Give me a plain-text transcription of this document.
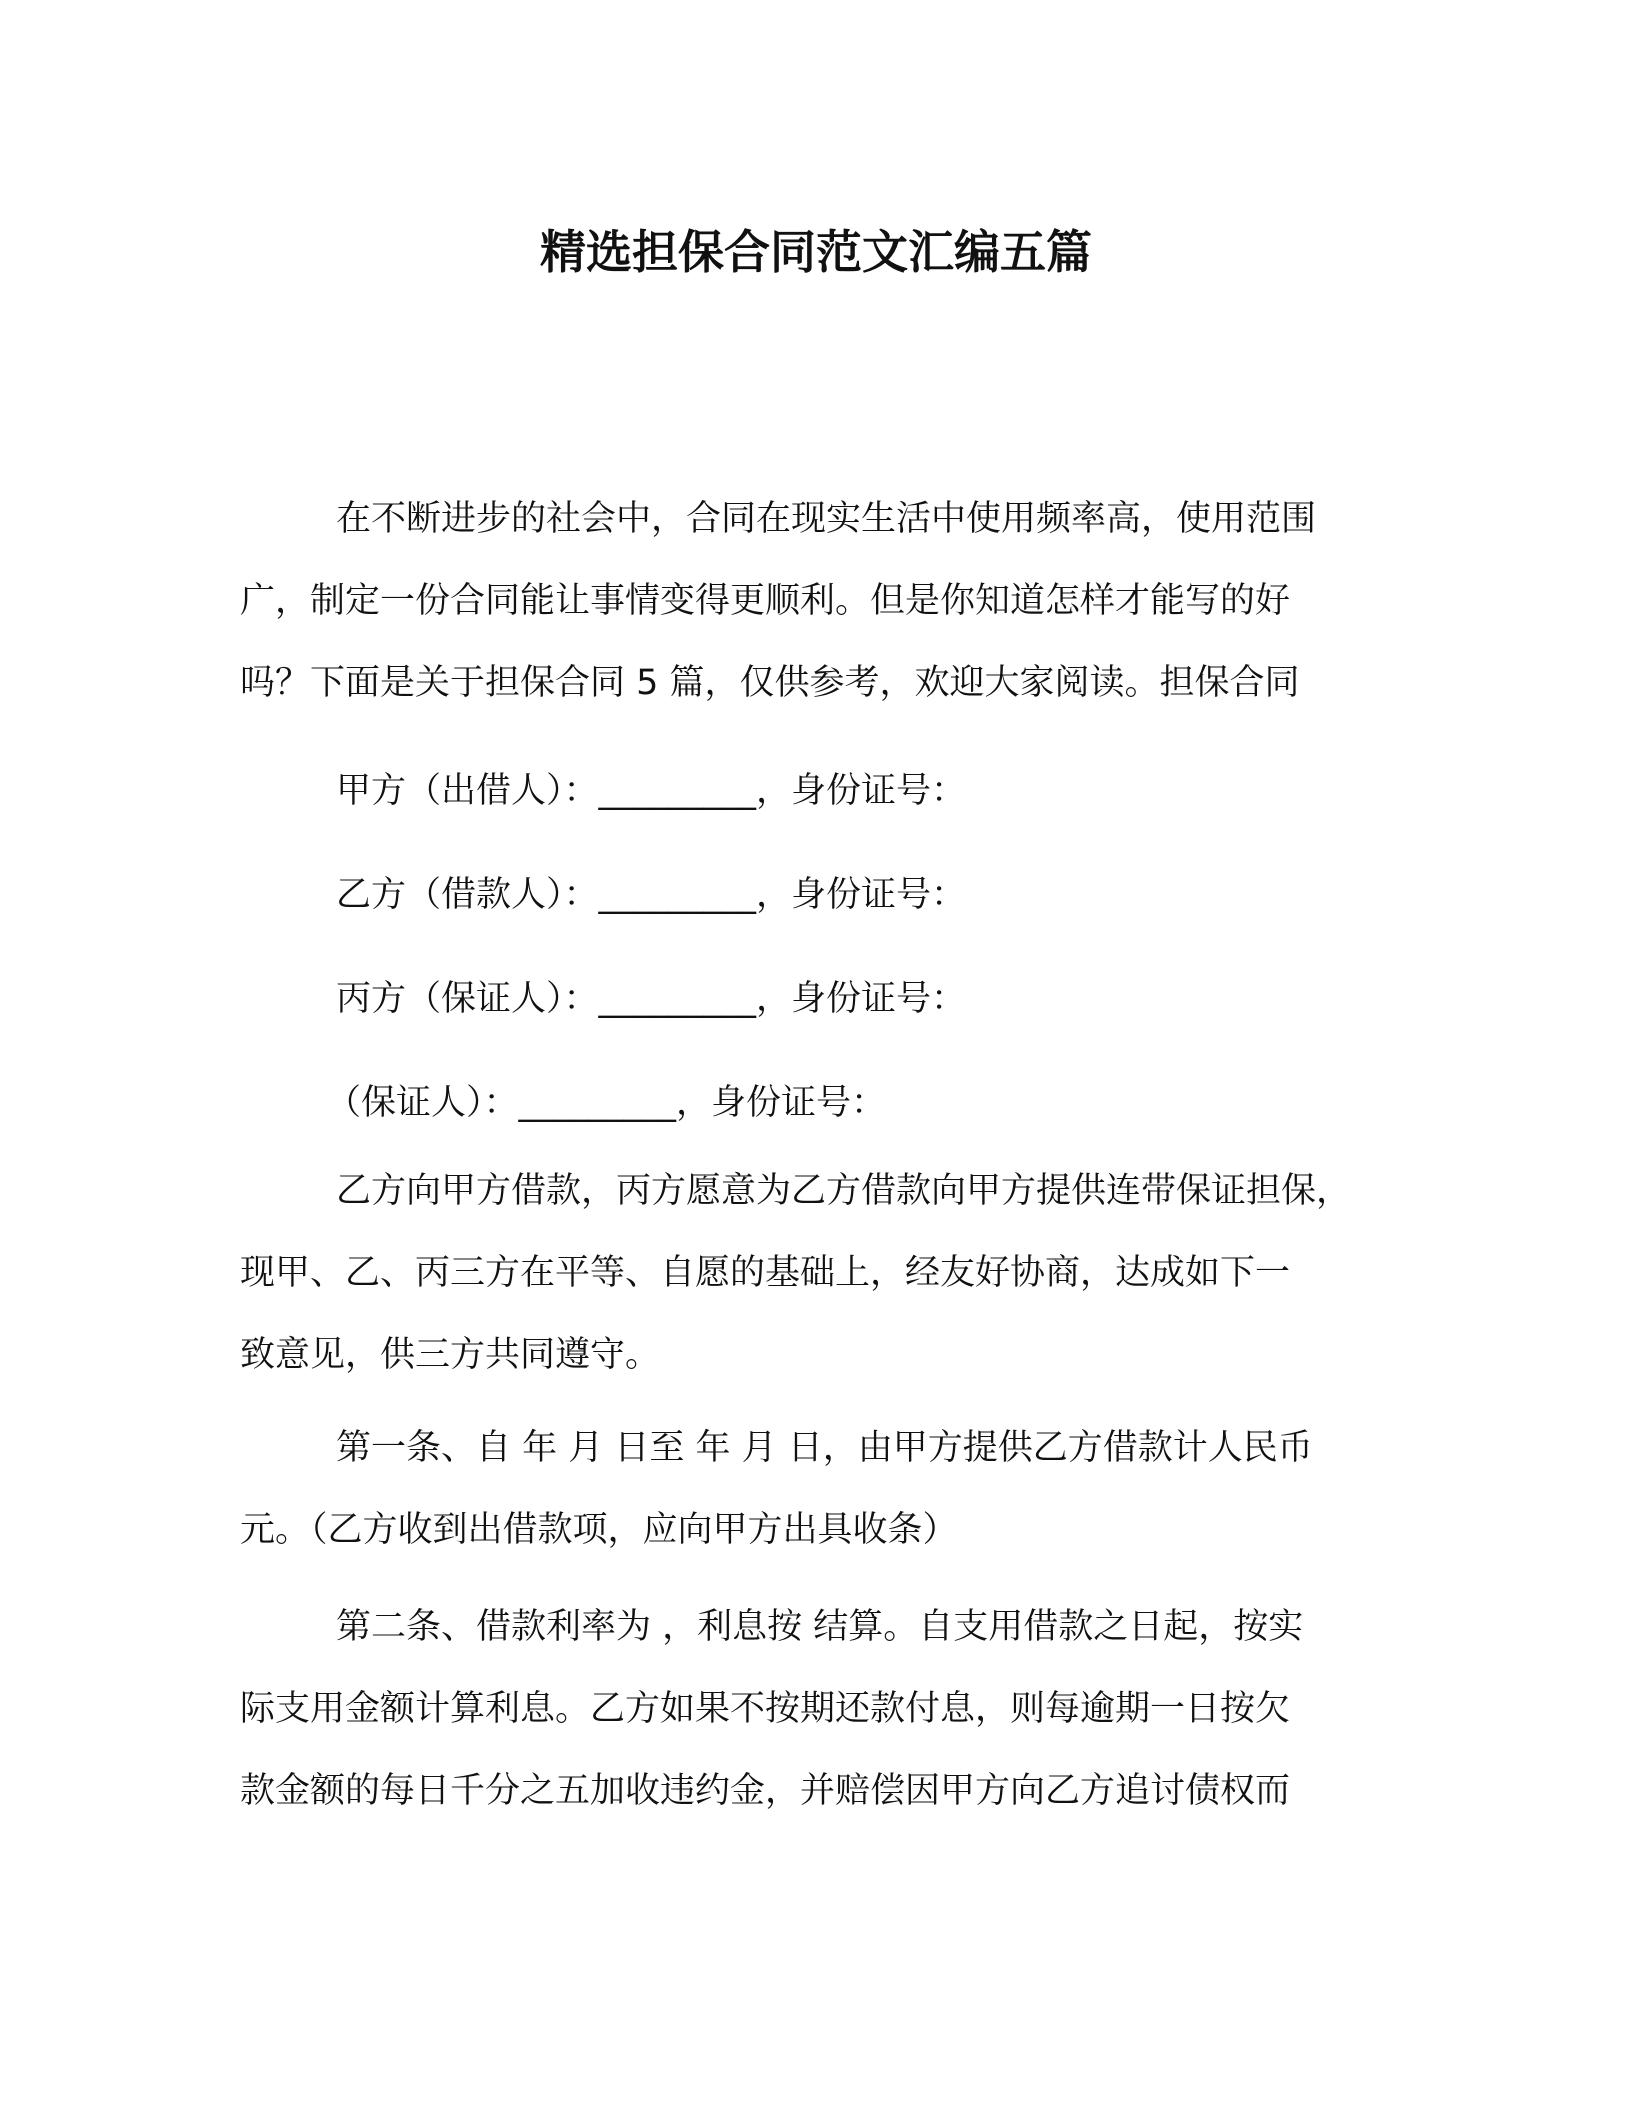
精选担保合同范文汇编五篇
在不断进步的社会中，合同在现实生活中使用频率高，使用范围
广，制定一份合同能让事情变得更顺利。但是你知道怎样才能写的好
吗？下面是关于担保合同 5 篇，仅供参考，欢迎大家阅读。担保合同
甲方（出借人）：_________，身份证号：
乙方（借款人）：_________，身份证号：
丙方（保证人）：_________，身份证号：
（保证人）：_________，身份证号：
乙方向甲方借款，丙方愿意为乙方借款向甲方提供连带保证担保，
现甲、乙、丙三方在平等、自愿的基础上，经友好协商，达成如下一
致意见，供三方共同遵守。
第一条、自 年 月 日至 年 月 日，由甲方提供乙方借款计人民币
元。（乙方收到出借款项，应向甲方出具收条）
第二条、借款利率为 ，利息按 结算。自支用借款之日起，按实
际支用金额计算利息。乙方如果不按期还款付息，则每逾期一日按欠
款金额的每日千分之五加收违约金，并赔偿因甲方向乙方追讨债权而
